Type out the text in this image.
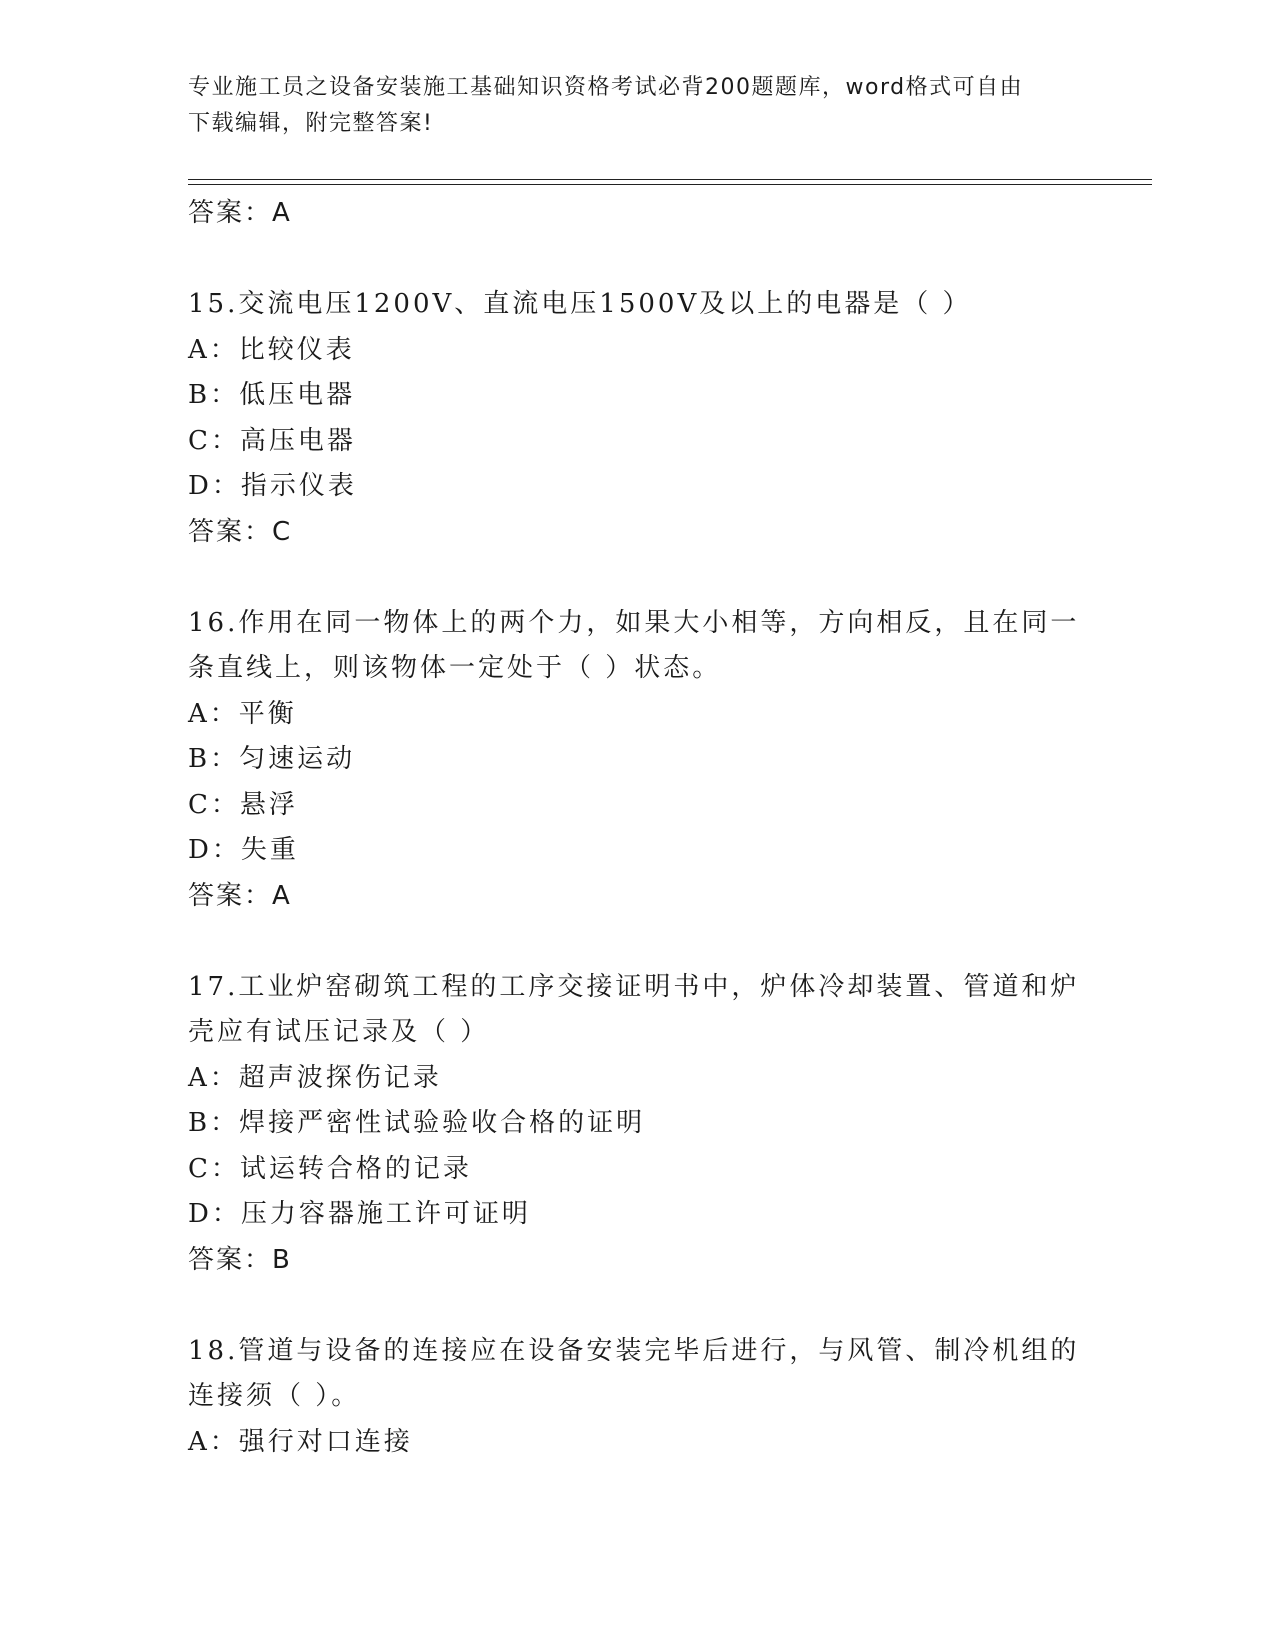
专业施工员之设备安装施工基础知识资格考试必背200题题库，word格式可自由
下载编辑，附完整答案!
答案：A
15.交流电压1200V、直流电压1500V及以上的电器是（ ）
A：比较仪表
B：低压电器
C：高压电器
D：指示仪表
答案：C
16.作用在同一物体上的两个力，如果大小相等，方向相反，且在同一
条直线上，则该物体一定处于（ ）状态。
A：平衡
B：匀速运动
C：悬浮
D：失重
答案：A
17.工业炉窑砌筑工程的工序交接证明书中，炉体冷却装置、管道和炉
壳应有试压记录及（ ）
A：超声波探伤记录
B：焊接严密性试验验收合格的证明
C：试运转合格的记录
D：压力容器施工许可证明
答案：B
18.管道与设备的连接应在设备安装完毕后进行，与风管、制冷机组的
连接须（ ）。
A：强行对口连接
